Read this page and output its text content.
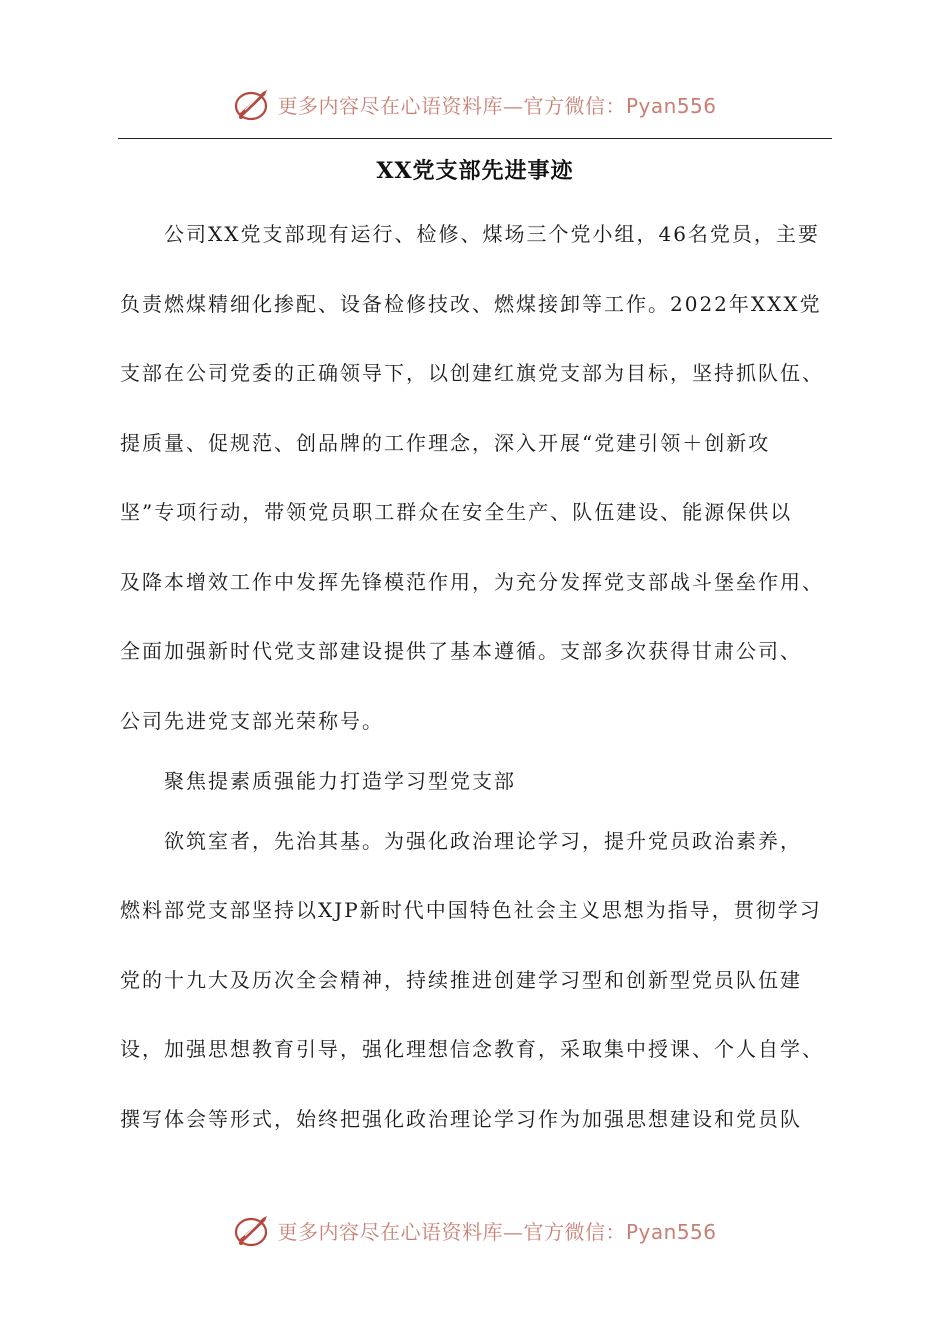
更多内容尽在心语资料库—官方微信：Pyan556
XX党支部先进事迹
公司XX党支部现有运行、检修、煤场三个党小组，46名党员，主要
负责燃煤精细化掺配、设备检修技改、燃煤接卸等工作。2022年XXX党
支部在公司党委的正确领导下，以创建红旗党支部为目标，坚持抓队伍、
提质量、促规范、创品牌的工作理念，深入开展“党建引领＋创新攻
坚”专项行动，带领党员职工群众在安全生产、队伍建设、能源保供以
及降本增效工作中发挥先锋模范作用，为充分发挥党支部战斗堡垒作用、
全面加强新时代党支部建设提供了基本遵循。支部多次获得甘肃公司、
公司先进党支部光荣称号。
聚焦提素质强能力打造学习型党支部
欲筑室者，先治其基。为强化政治理论学习，提升党员政治素养，
燃料部党支部坚持以XJP新时代中国特色社会主义思想为指导，贯彻学习
党的十九大及历次全会精神，持续推进创建学习型和创新型党员队伍建
设，加强思想教育引导，强化理想信念教育，采取集中授课、个人自学、
撰写体会等形式，始终把强化政治理论学习作为加强思想建设和党员队
更多内容尽在心语资料库—官方微信：Pyan556
